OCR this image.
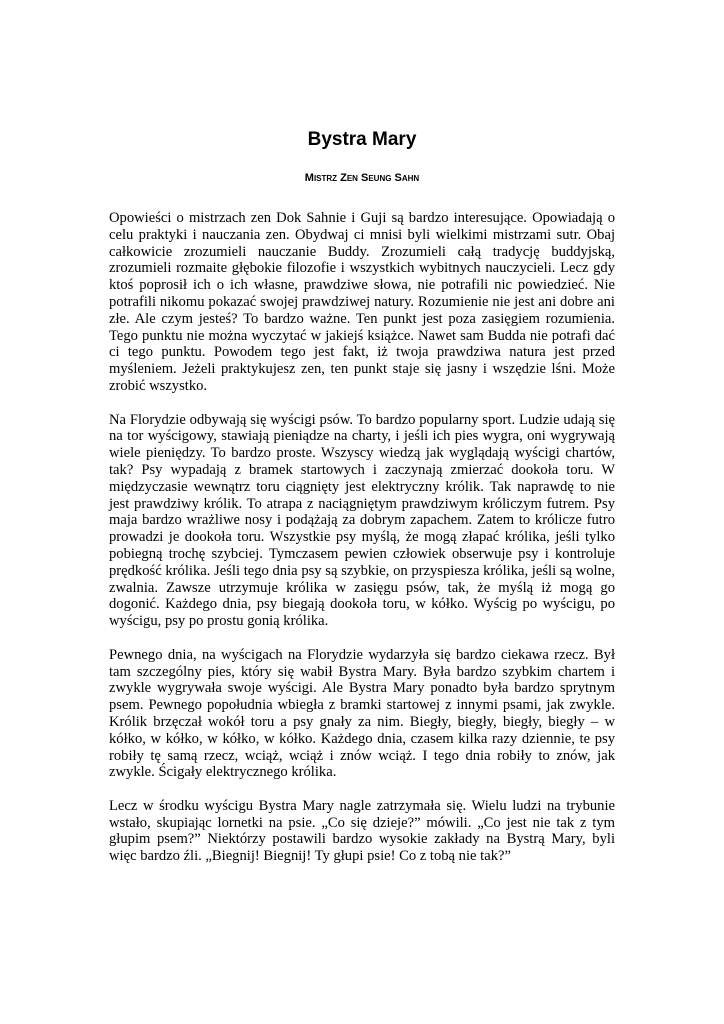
Bystra Mary
Mistrz Zen Seung Sahn

Opowieści o mistrzach zen Dok Sahnie i Guji są bardzo interesujące. Opowiadają o celu praktyki i nauczania zen. Obydwaj ci mnisi byli wielkimi mistrzami sutr. Obaj całkowicie zrozumieli nauczanie Buddy. Zrozumieli całą tradycję buddyjską, zrozumieli rozmaite głębokie filozofie i wszystkich wybitnych nauczycieli. Lecz gdy ktoś poprosił ich o ich własne, prawdziwe słowa, nie potrafili nic powiedzieć. Nie potrafili nikomu pokazać swojej prawdziwej natury. Rozumienie nie jest ani dobre ani złe. Ale czym jesteś? To bardzo ważne. Ten punkt jest poza zasięgiem rozumienia. Tego punktu nie można wyczytać w jakiejś książce. Nawet sam Budda nie potrafi dać ci tego punktu. Powodem tego jest fakt, iż twoja prawdziwa natura jest przed myśleniem. Jeżeli praktykujesz zen, ten punkt staje się jasny i wszędzie lśni. Może zrobić wszystko.

Na Florydzie odbywają się wyścigi psów. To bardzo popularny sport. Ludzie udają się na tor wyścigowy, stawiają pieniądze na charty, i jeśli ich pies wygra, oni wygrywają wiele pieniędzy. To bardzo proste. Wszyscy wiedzą jak wyglądają wyścigi chartów, tak? Psy wypadają z bramek startowych i zaczynają zmierzać dookoła toru. W międzyczasie wewnątrz toru ciągnięty jest elektryczny królik. Tak naprawdę to nie jest prawdziwy królik. To atrapa z naciągniętym prawdziwym króliczym futrem. Psy maja bardzo wrażliwe nosy i podążają za dobrym zapachem. Zatem to królicze futro prowadzi je dookoła toru. Wszystkie psy myślą, że mogą złapać królika, jeśli tylko pobiegną trochę szybciej. Tymczasem pewien człowiek obserwuje psy i kontroluje prędkość królika. Jeśli tego dnia psy są szybkie, on przyspiesza królika, jeśli są wolne, zwalnia. Zawsze utrzymuje królika w zasięgu psów, tak, że myślą iż mogą go dogonić. Każdego dnia, psy biegają dookoła toru, w kółko. Wyścig po wyścigu, po wyścigu, psy po prostu gonią królika.

Pewnego dnia, na wyścigach na Florydzie wydarzyła się bardzo ciekawa rzecz. Był tam szczególny pies, który się wabił Bystra Mary. Była bardzo szybkim chartem i zwykle wygrywała swoje wyścigi. Ale Bystra Mary ponadto była bardzo sprytnym psem. Pewnego popołudnia wbiegła z bramki startowej z innymi psami, jak zwykle. Królik brzęczał wokół toru a psy gnały za nim. Biegły, biegły, biegły, biegły – w kółko, w kółko, w kółko, w kółko. Każdego dnia, czasem kilka razy dziennie, te psy robiły tę samą rzecz, wciąż, wciąż i znów wciąż. I tego dnia robiły to znów, jak zwykle. Ścigały elektrycznego królika.

Lecz w środku wyścigu Bystra Mary nagle zatrzymała się. Wielu ludzi na trybunie wstało, skupiając lornetki na psie. „Co się dzieje?” mówili. „Co jest nie tak z tym głupim psem?” Niektórzy postawili bardzo wysokie zakłady na Bystrą Mary, byli więc bardzo źli. „Biegnij! Biegnij! Ty głupi psie! Co z tobą nie tak?”
